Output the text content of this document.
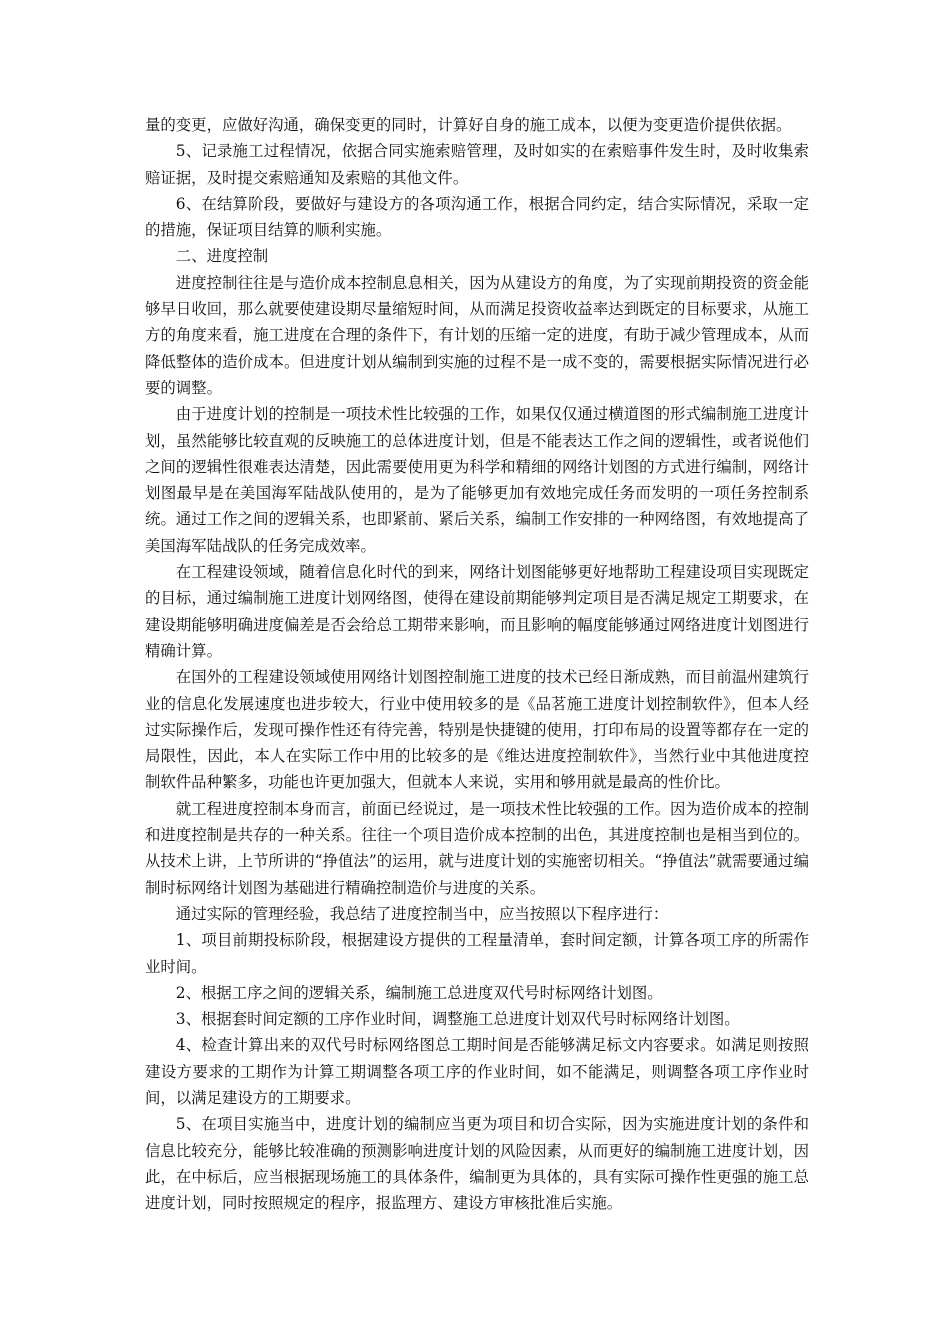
量的变更，应做好沟通，确保变更的同时，计算好自身的施工成本，以便为变更造价提供依据。

5、记录施工过程情况，依据合同实施索赔管理，及时如实的在索赔事件发生时，及时收集索赔证据，及时提交索赔通知及索赔的其他文件。

6、在结算阶段，要做好与建设方的各项沟通工作，根据合同约定，结合实际情况，采取一定的措施，保证项目结算的顺利实施。

二、进度控制

进度控制往往是与造价成本控制息息相关，因为从建设方的角度，为了实现前期投资的资金能够早日收回，那么就要使建设期尽量缩短时间，从而满足投资收益率达到既定的目标要求，从施工方的角度来看，施工进度在合理的条件下，有计划的压缩一定的进度，有助于减少管理成本，从而降低整体的造价成本。但进度计划从编制到实施的过程不是一成不变的，需要根据实际情况进行必要的调整。

由于进度计划的控制是一项技术性比较强的工作，如果仅仅通过横道图的形式编制施工进度计划，虽然能够比较直观的反映施工的总体进度计划，但是不能表达工作之间的逻辑性，或者说他们之间的逻辑性很难表达清楚，因此需要使用更为科学和精细的网络计划图的方式进行编制，网络计划图最早是在美国海军陆战队使用的，是为了能够更加有效地完成任务而发明的一项任务控制系统。通过工作之间的逻辑关系，也即紧前、紧后关系，编制工作安排的一种网络图，有效地提高了美国海军陆战队的任务完成效率。

在工程建设领域，随着信息化时代的到来，网络计划图能够更好地帮助工程建设项目实现既定的目标，通过编制施工进度计划网络图，使得在建设前期能够判定项目是否满足规定工期要求，在建设期能够明确进度偏差是否会给总工期带来影响，而且影响的幅度能够通过网络进度计划图进行精确计算。

在国外的工程建设领域使用网络计划图控制施工进度的技术已经日渐成熟，而目前温州建筑行业的信息化发展速度也进步较大，行业中使用较多的是《品茗施工进度计划控制软件》，但本人经过实际操作后，发现可操作性还有待完善，特别是快捷键的使用，打印布局的设置等都存在一定的局限性，因此，本人在实际工作中用的比较多的是《维达进度控制软件》，当然行业中其他进度控制软件品种繁多，功能也许更加强大，但就本人来说，实用和够用就是最高的性价比。

就工程进度控制本身而言，前面已经说过，是一项技术性比较强的工作。因为造价成本的控制和进度控制是共存的一种关系。往往一个项目造价成本控制的出色，其进度控制也是相当到位的。从技术上讲，上节所讲的“挣值法”的运用，就与进度计划的实施密切相关。“挣值法”就需要通过编制时标网络计划图为基础进行精确控制造价与进度的关系。

通过实际的管理经验，我总结了进度控制当中，应当按照以下程序进行：

1、项目前期投标阶段，根据建设方提供的工程量清单，套时间定额，计算各项工序的所需作业时间。

2、根据工序之间的逻辑关系，编制施工总进度双代号时标网络计划图。

3、根据套时间定额的工序作业时间，调整施工总进度计划双代号时标网络计划图。

4、检查计算出来的双代号时标网络图总工期时间是否能够满足标文内容要求。如满足则按照建设方要求的工期作为计算工期调整各项工序的作业时间，如不能满足，则调整各项工序作业时间，以满足建设方的工期要求。

5、在项目实施当中，进度计划的编制应当更为项目和切合实际，因为实施进度计划的条件和信息比较充分，能够比较准确的预测影响进度计划的风险因素，从而更好的编制施工进度计划，因此，在中标后，应当根据现场施工的具体条件，编制更为具体的，具有实际可操作性更强的施工总进度计划，同时按照规定的程序，报监理方、建设方审核批准后实施。
